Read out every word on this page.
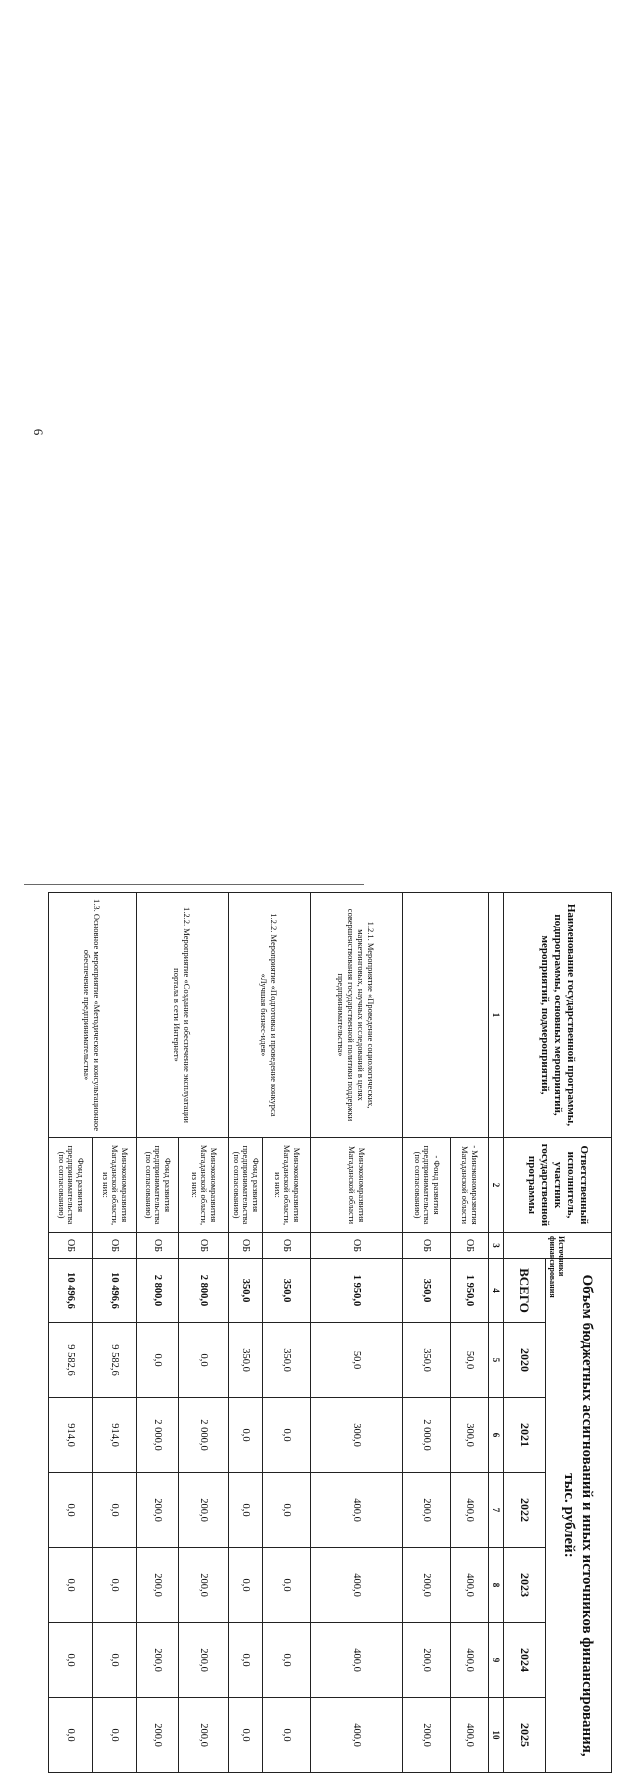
6
Наименование государственной программы, подпрограммы, основных мероприятий, мероприятий, подмероприятий,	Ответственный исполнитель, участник государственной программы	Источники финансирования	Объем бюджетных ассигнований и иных источников финансирования, тыс. рублей:						
			ВСЕГО	2020	2021	2022	2023	2024	2025
1	2	3	4	5	6	7	8	9	10
	- Минэкономразвития Магаданской области	ОБ	1 950,0	50,0	300,0	400,0	400,0	400,0	400,0
	- Фонд развития предпринимательства (по согласованию)	ОБ	350,0	350,0	2 000,0	200,0	200,0	200,0	200,0
1.2.1. Мероприятие «Проведение социологических, маркетинговых, научных исследований в целях совершенствования государственной политики поддержки предпринимательства»	Минэкономразвития Магаданской области	ОБ	1 950,0	50,0	300,0	400,0	400,0	400,0	400,0
1.2.2. Мероприятие «Подготовка и проведение конкурса «Лучшая бизнес-идея»	Минэкономразвития Магаданской области, из них:	ОБ	350,0	350,0	0,0	0,0	0,0	0,0	0,0
	Фонд развития предпринимательства (по согласованию)	ОБ	350,0	350,0	0,0	0,0	0,0	0,0	0,0
1.2.2. Мероприятие «Создание и обеспечение эксплуатации портала в сети Интернет»	Минэкономразвития Магаданской области, из них:	ОБ	2 800,0	0,0	2 000,0	200,0	200,0	200,0	200,0
	Фонд развития предпринимательства (по согласованию)	ОБ	2 800,0	0,0	2 000,0	200,0	200,0	200,0	200,0
1.3. Основное мероприятие «Методическое и консультационное обеспечение предпринимательства»	Минэкономразвития Магаданской области, из них:	ОБ	10 496,6	9 582,6	914,0	0,0	0,0	0,0	0,0
	Фонд развития предпринимательства (по согласованию)	ОБ	10 496,6	9 582,6	914,0	0,0	0,0	0,0	0,0
